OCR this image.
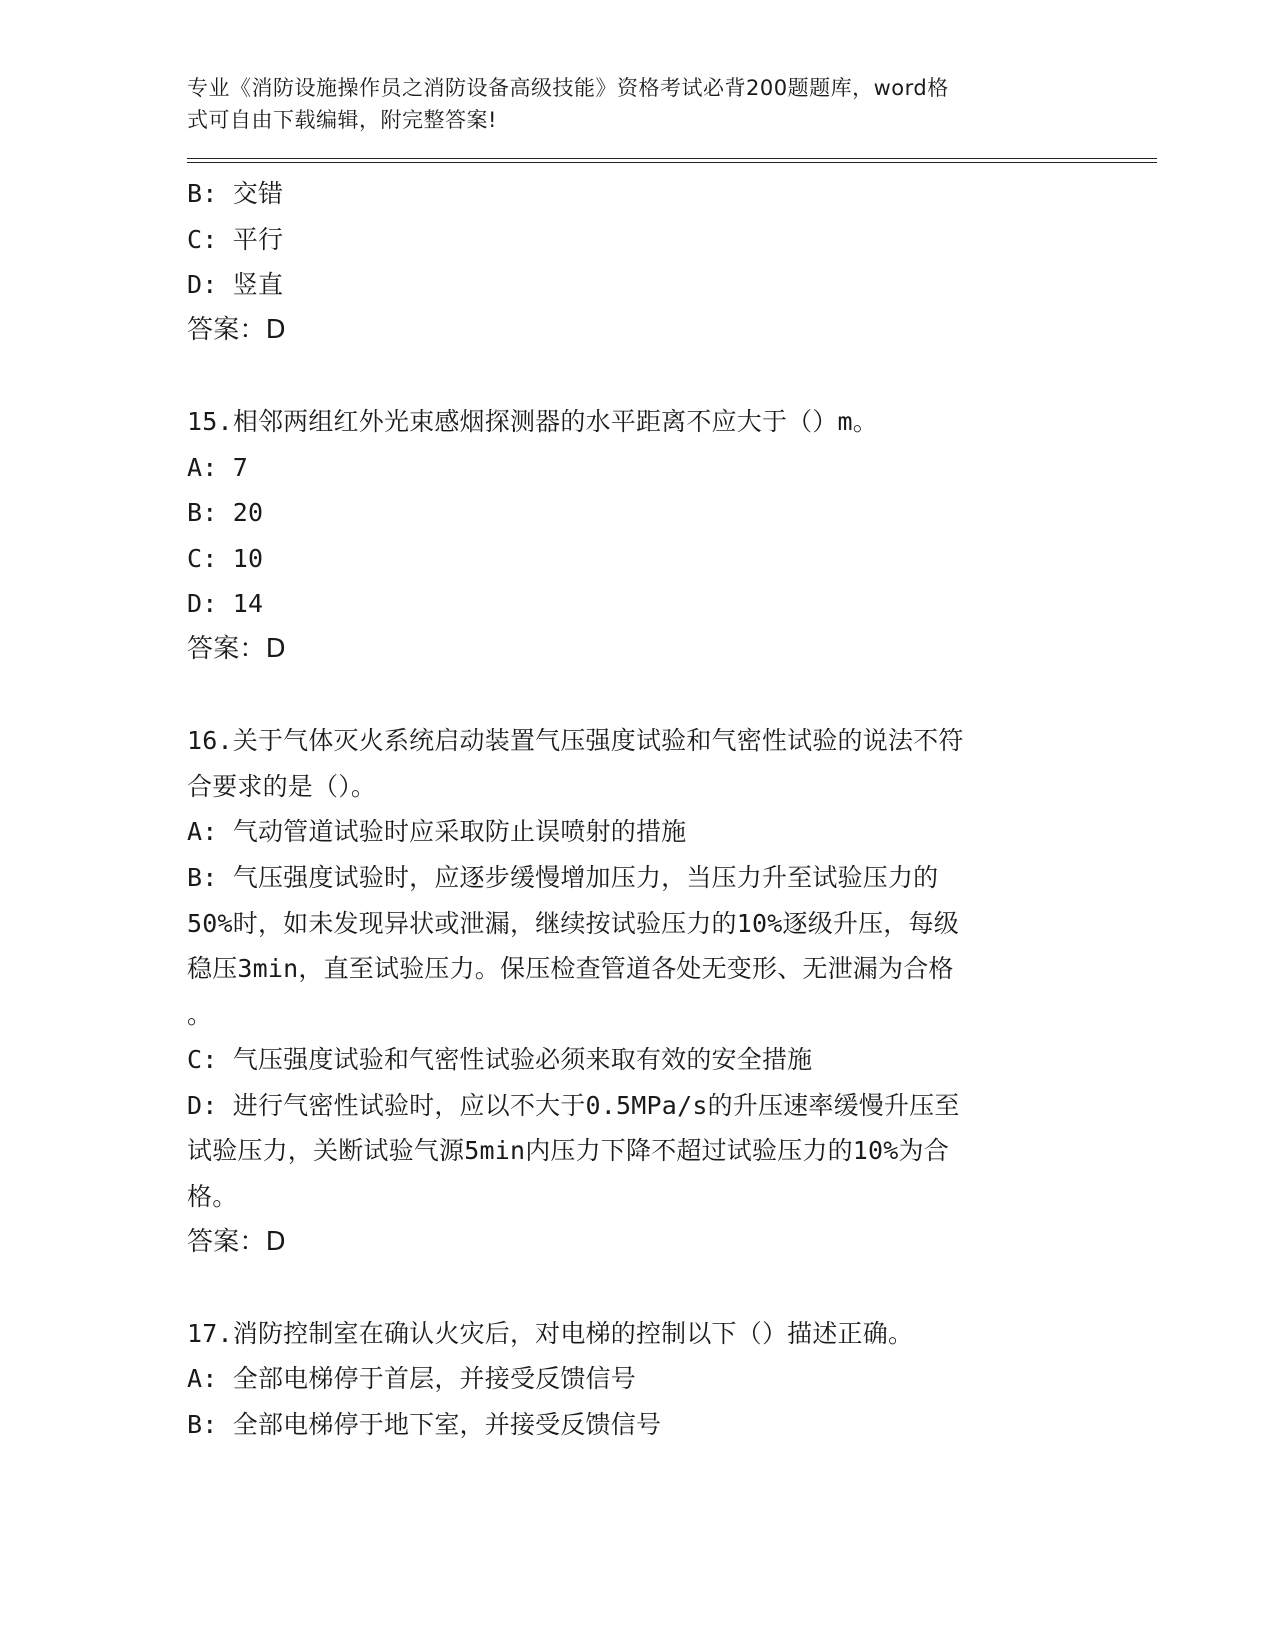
专业《消防设施操作员之消防设备高级技能》资格考试必背200题题库，word格
式可自由下载编辑，附完整答案!
B: 交错
C: 平行
D: 竖直
答案：D
15.相邻两组红外光束感烟探测器的水平距离不应大于（）m。
A: 7
B: 20
C: 10
D: 14
答案：D
16.关于气体灭火系统启动装置气压强度试验和气密性试验的说法不符
合要求的是（）。
A: 气动管道试验时应采取防止误喷射的措施
B: 气压强度试验时，应逐步缓慢增加压力，当压力升至试验压力的
50%时，如未发现异状或泄漏，继续按试验压力的10%逐级升压，每级
稳压3min，直至试验压力。保压检查管道各处无变形、无泄漏为合格
。
C: 气压强度试验和气密性试验必须来取有效的安全措施
D: 进行气密性试验时，应以不大于0.5MPa/s的升压速率缓慢升压至
试验压力，关断试验气源5min内压力下降不超过试验压力的10%为合
格。
答案：D
17.消防控制室在确认火灾后，对电梯的控制以下（）描述正确。
A: 全部电梯停于首层，并接受反馈信号
B: 全部电梯停于地下室，并接受反馈信号
